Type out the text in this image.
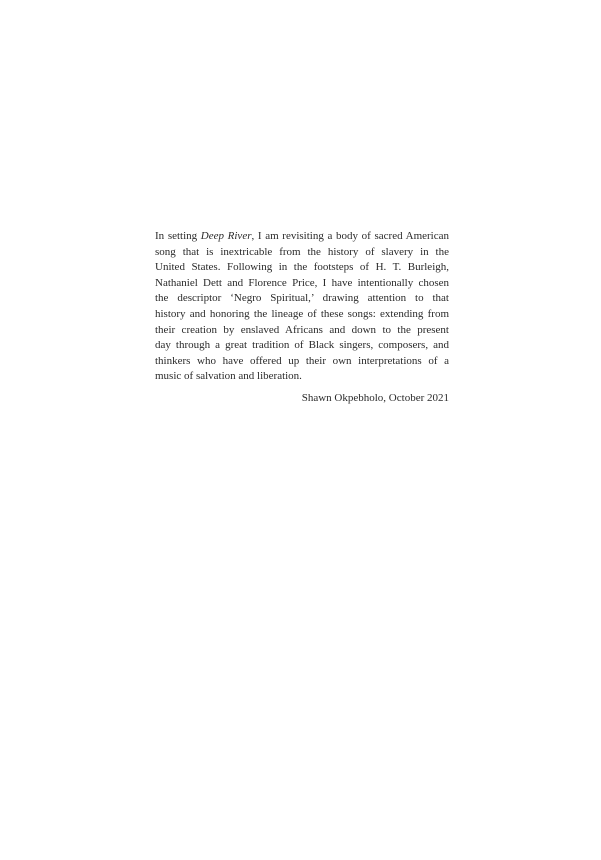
In setting Deep River, I am revisiting a body of sacred American
song that is inextricable from the history of slavery in the
United States. Following in the footsteps of H. T. Burleigh,
Nathaniel Dett and Florence Price, I have intentionally chosen
the descriptor ‘Negro Spiritual,’ drawing attention to that
history and honoring the lineage of these songs: extending from
their creation by enslaved Africans and down to the present
day through a great tradition of Black singers, composers, and
thinkers who have offered up their own interpretations of a
music of salvation and liberation.

Shawn Okpebholo, October 2021
